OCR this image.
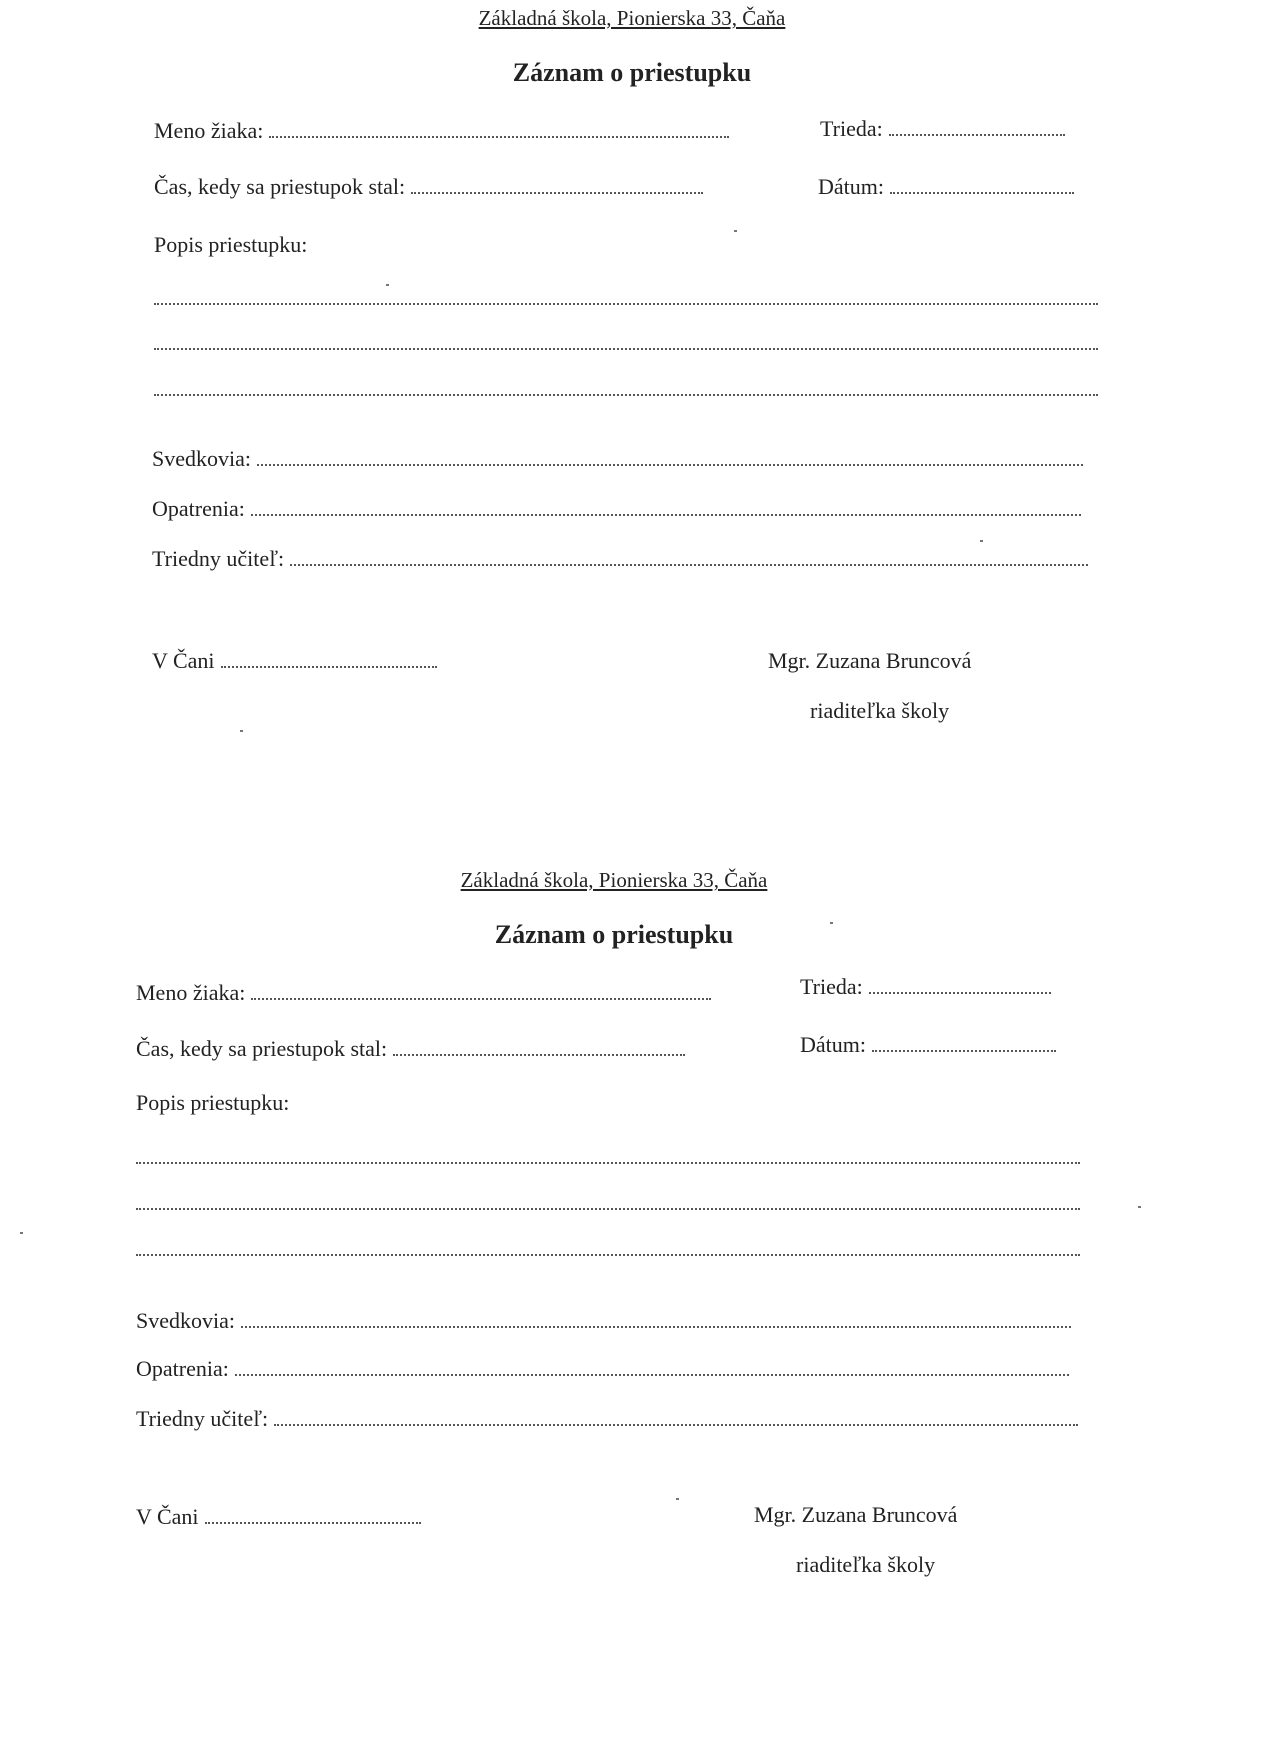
Základná škola, Pionierska 33, Čaňa
Záznam o priestupku
Meno žiaka:	Trieda:
Čas, kedy sa priestupok stal:	Dátum:
Popis priestupku:
Svedkovia:
Opatrenia:
Triedny učiteľ:
V Čani	Mgr. Zuzana Bruncová
riaditeľka školy
Základná škola, Pionierska 33, Čaňa
Záznam o priestupku
Meno žiaka:	Trieda:
Čas, kedy sa priestupok stal:	Dátum:
Popis priestupku:
Svedkovia:
Opatrenia:
Triedny učiteľ:
V Čani	Mgr. Zuzana Bruncová
riaditeľka školy
